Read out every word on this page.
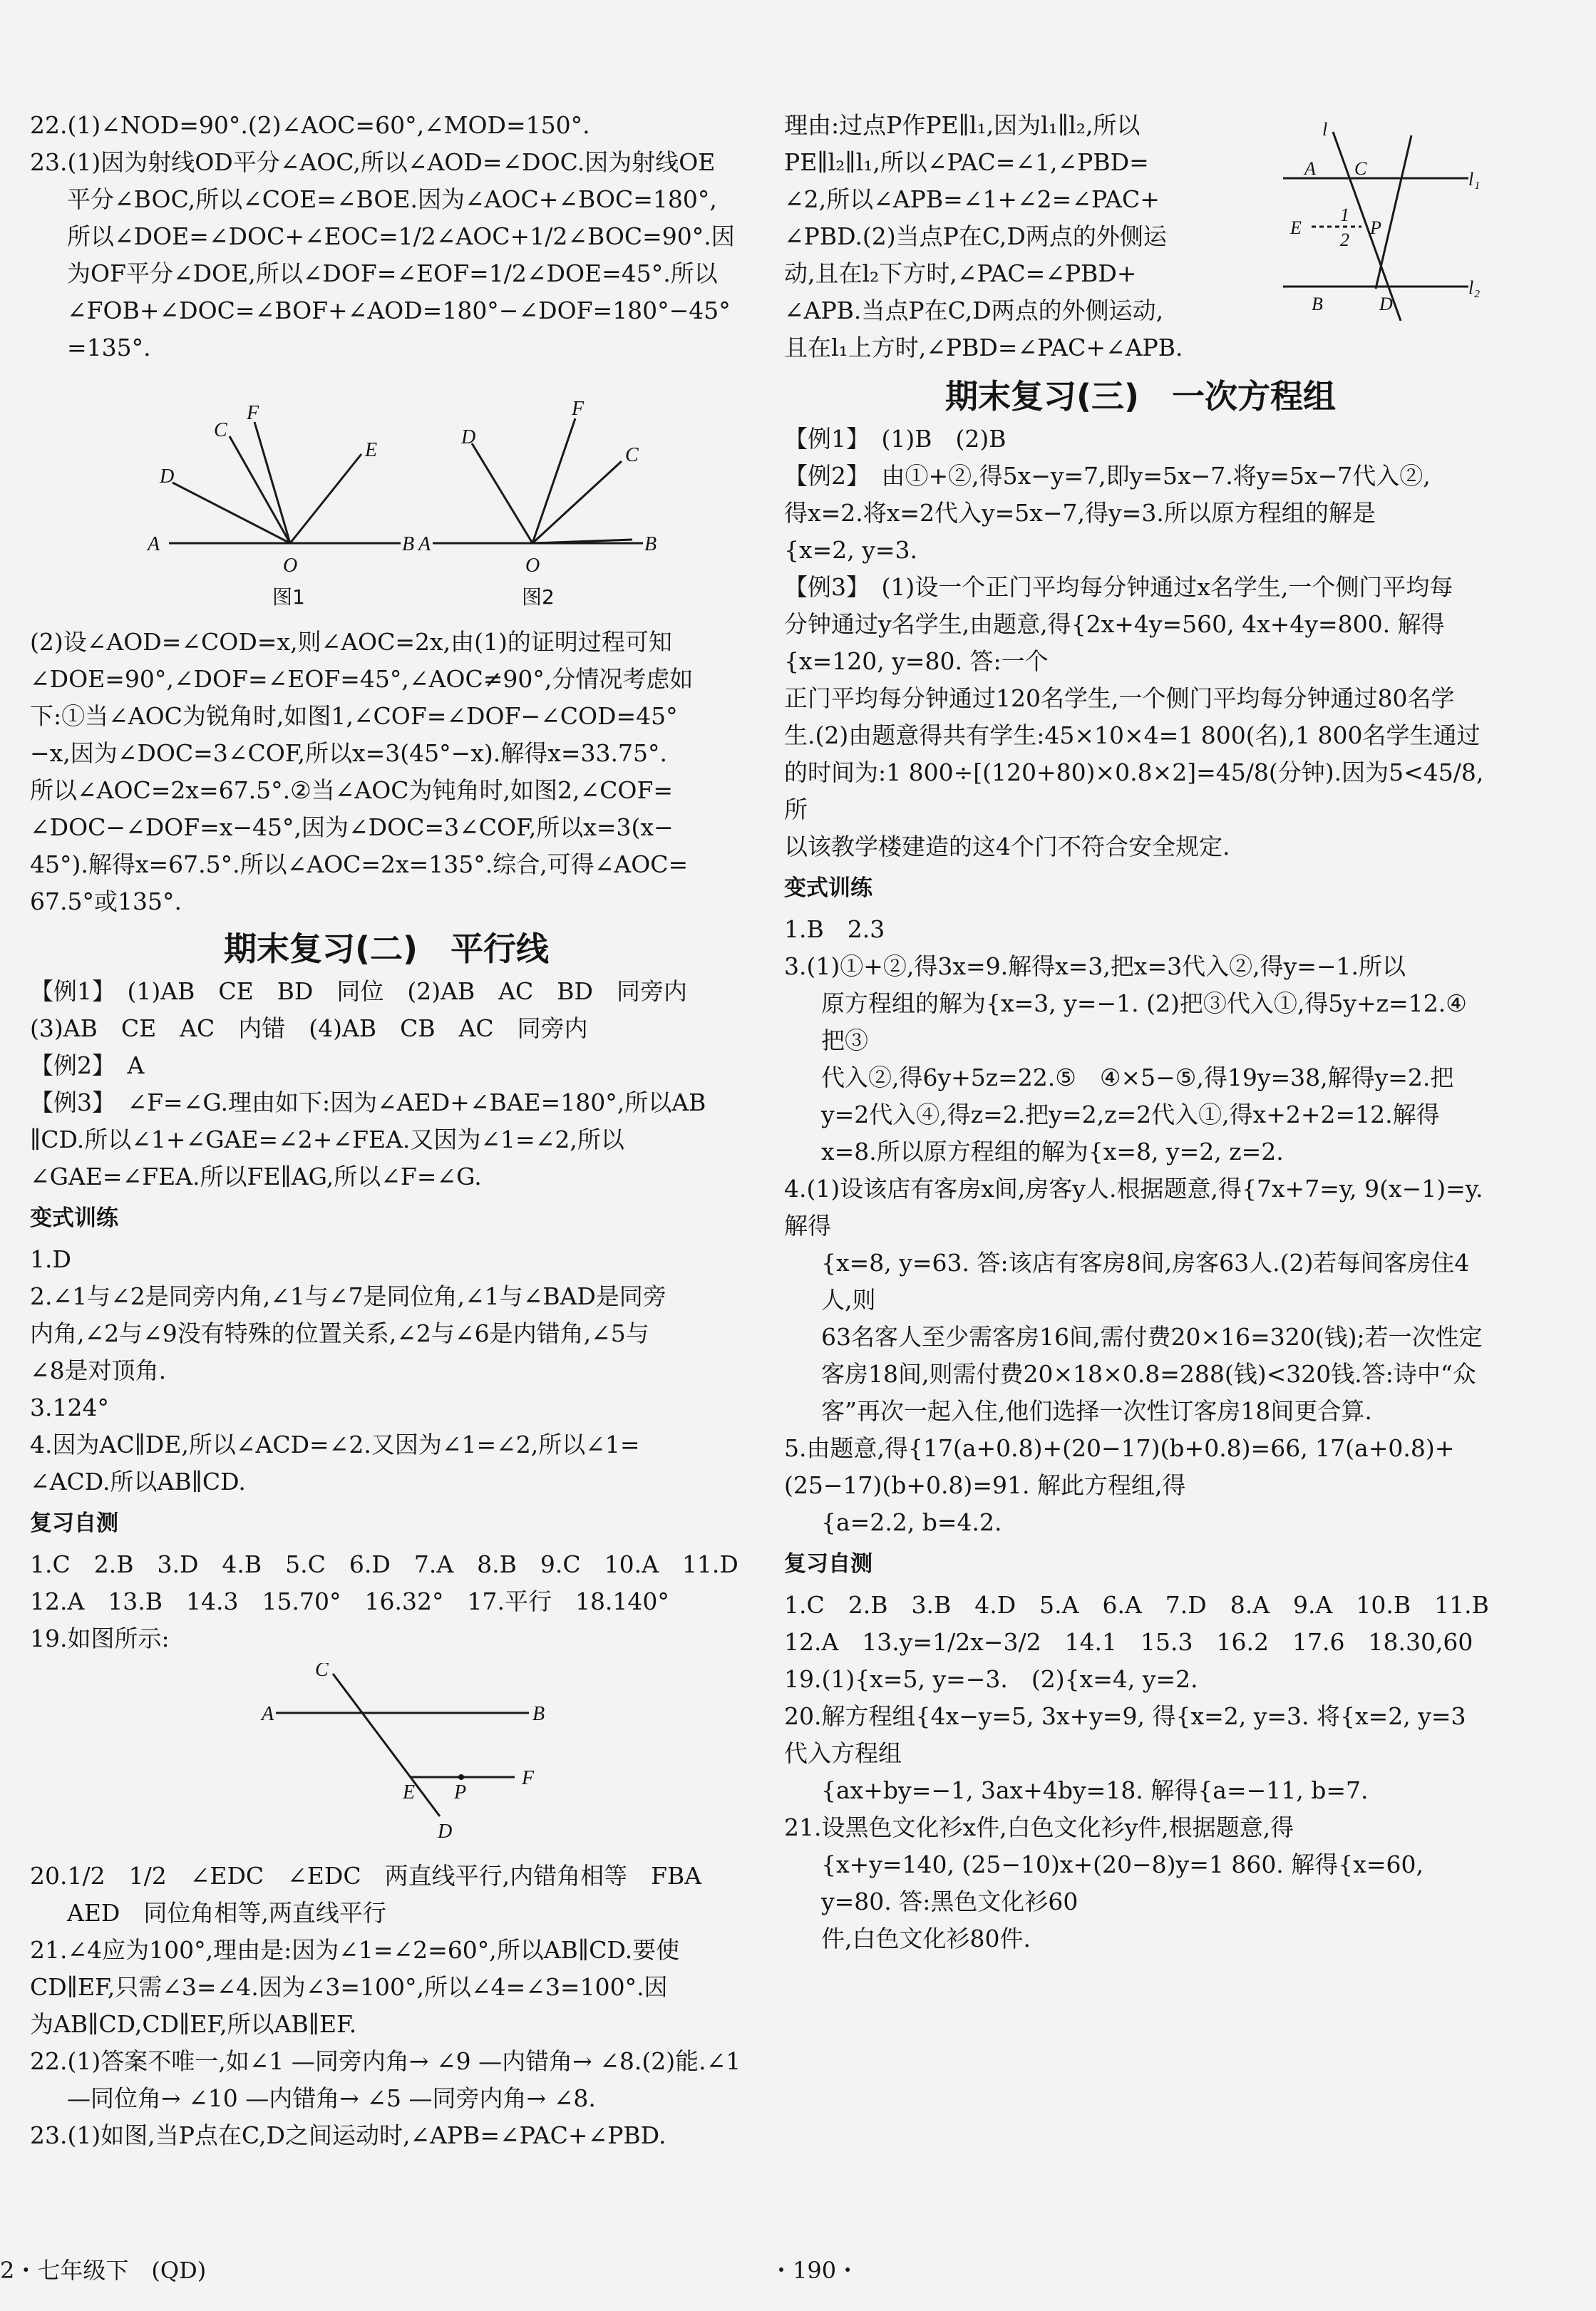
22.(1)∠NOD=90°.(2)∠AOC=60°,∠MOD=150°.

23.(1)因为射线OD平分∠AOC,所以∠AOD=∠DOC.因为射线OE

平分∠BOC,所以∠COE=∠BOE.因为∠AOC+∠BOC=180°,

所以∠DOE=∠DOC+∠EOC=1/2∠AOC+1/2∠BOC=90°.因

为OF平分∠DOE,所以∠DOF=∠EOF=1/2∠DOE=45°.所以

∠FOB+∠DOC=∠BOF+∠AOD=180°−∠DOF=180°−45°

=135°.

A	B
O
C
D
E
F
A	B
O
C
D
F
图1	图2

(2)设∠AOD=∠COD=x,则∠AOC=2x,由(1)的证明过程可知

∠DOE=90°,∠DOF=∠EOF=45°,∠AOC≠90°,分情况考虑如

下:①当∠AOC为锐角时,如图1,∠COF=∠DOF−∠COD=45°

−x,因为∠DOC=3∠COF,所以x=3(45°−x).解得x=33.75°.

所以∠AOC=2x=67.5°.②当∠AOC为钝角时,如图2,∠COF=

∠DOC−∠DOF=x−45°,因为∠DOC=3∠COF,所以x=3(x−

45°).解得x=67.5°.所以∠AOC=2x=135°.综合,可得∠AOC=

67.5°或135°.

期末复习(二)　平行线

【例1】　(1)AB　CE　BD　同位　(2)AB　AC　BD　同旁内

(3)AB　CE　AC　内错　(4)AB　CB　AC　同旁内

【例2】　A

【例3】　∠F=∠G.理由如下:因为∠AED+∠BAE=180°,所以AB

∥CD.所以∠1+∠GAE=∠2+∠FEA.又因为∠1=∠2,所以

∠GAE=∠FEA.所以FE∥AG,所以∠F=∠G.

变式训练

1.D

2.∠1与∠2是同旁内角,∠1与∠7是同位角,∠1与∠BAD是同旁

内角,∠2与∠9没有特殊的位置关系,∠2与∠6是内错角,∠5与

∠8是对顶角.

3.124°

4.因为AC∥DE,所以∠ACD=∠2.又因为∠1=∠2,所以∠1=

∠ACD.所以AB∥CD.

复习自测

1.C　2.B　3.D　4.B　5.C　6.D　7.A　8.B　9.C　10.A　11.D

12.A　13.B　14.3　15.70°　16.32°　17.平行　18.140°

19.如图所示:

C
A	B
E P
F
D

20.1/2　1/2　∠EDC　∠EDC　两直线平行,内错角相等　FBA

AED　同位角相等,两直线平行

21.∠4应为100°,理由是:因为∠1=∠2=60°,所以AB∥CD.要使

CD∥EF,只需∠3=∠4.因为∠3=100°,所以∠4=∠3=100°.因

为AB∥CD,CD∥EF,所以AB∥EF.

22.(1)答案不唯一,如∠1 —同旁内角→ ∠9 —内错角→ ∠8.(2)能.∠1

—同位角→ ∠10 —内错角→ ∠5 —同旁内角→ ∠8.

23.(1)如图,当P点在C,D之间运动时,∠APB=∠PAC+∠PBD.

理由:过点P作PE∥l₁,因为l₁∥l₂,所以

PE∥l₂∥l₁,所以∠PAC=∠1,∠PBD=

∠2,所以∠APB=∠1+∠2=∠PAC+

∠PBD.(2)当点P在C,D两点的外侧运

动,且在l₂下方时,∠PAC=∠PBD+

∠APB.当点P在C,D两点的外侧运动,

且在l₁上方时,∠PBD=∠PAC+∠APB.

l
A C
l₁
E
1
2
P
B	D
l₂
期末复习(三)　一次方程组

【例1】　(1)B　(2)B

【例2】　由①+②,得5x−y=7,即y=5x−7.将y=5x−7代入②,

得x=2.将x=2代入y=5x−7,得y=3.所以原方程组的解是

{x=2, y=3.

【例3】　(1)设一个正门平均每分钟通过x名学生,一个侧门平均每

分钟通过y名学生,由题意,得{2x+4y=560, 4x+4y=800. 解得{x=120, y=80. 答:一个

正门平均每分钟通过120名学生,一个侧门平均每分钟通过80名学

生.(2)由题意得共有学生:45×10×4=1 800(名),1 800名学生通过

的时间为:1 800÷[(120+80)×0.8×2]=45/8(分钟).因为5<45/8,所

以该教学楼建造的这4个门不符合安全规定.

变式训练

1.B　2.3

3.(1)①+②,得3x=9.解得x=3,把x=3代入②,得y=−1.所以

原方程组的解为{x=3, y=−1. (2)把③代入①,得5y+z=12.④　把③

代入②,得6y+5z=22.⑤　④×5−⑤,得19y=38,解得y=2.把

y=2代入④,得z=2.把y=2,z=2代入①,得x+2+2=12.解得

x=8.所以原方程组的解为{x=8, y=2, z=2.

4.(1)设该店有客房x间,房客y人.根据题意,得{7x+7=y, 9(x−1)=y. 解得

{x=8, y=63. 答:该店有客房8间,房客63人.(2)若每间客房住4人,则

63名客人至少需客房16间,需付费20×16=320(钱);若一次性定

客房18间,则需付费20×18×0.8=288(钱)<320钱.答:诗中“众

客”再次一起入住,他们选择一次性订客房18间更合算.

5.由题意,得{17(a+0.8)+(20−17)(b+0.8)=66, 17(a+0.8)+(25−17)(b+0.8)=91. 解此方程组,得

{a=2.2, b=4.2.

复习自测

1.C　2.B　3.B　4.D　5.A　6.A　7.D　8.A　9.A　10.B　11.B

12.A　13.y=1/2x−3/2　14.1　15.3　16.2　17.6　18.30,60

19.(1){x=5, y=−3.　(2){x=4, y=2.

20.解方程组{4x−y=5, 3x+y=9, 得{x=2, y=3. 将{x=2, y=3 代入方程组

{ax+by=−1, 3ax+4by=18. 解得{a=−11, b=7.

21.设黑色文化衫x件,白色文化衫y件,根据题意,得

{x+y=140, (25−10)x+(20−8)y=1 860. 解得{x=60, y=80. 答:黑色文化衫60

件,白色文化衫80件.

2・七年级下　(QD)	・190・
